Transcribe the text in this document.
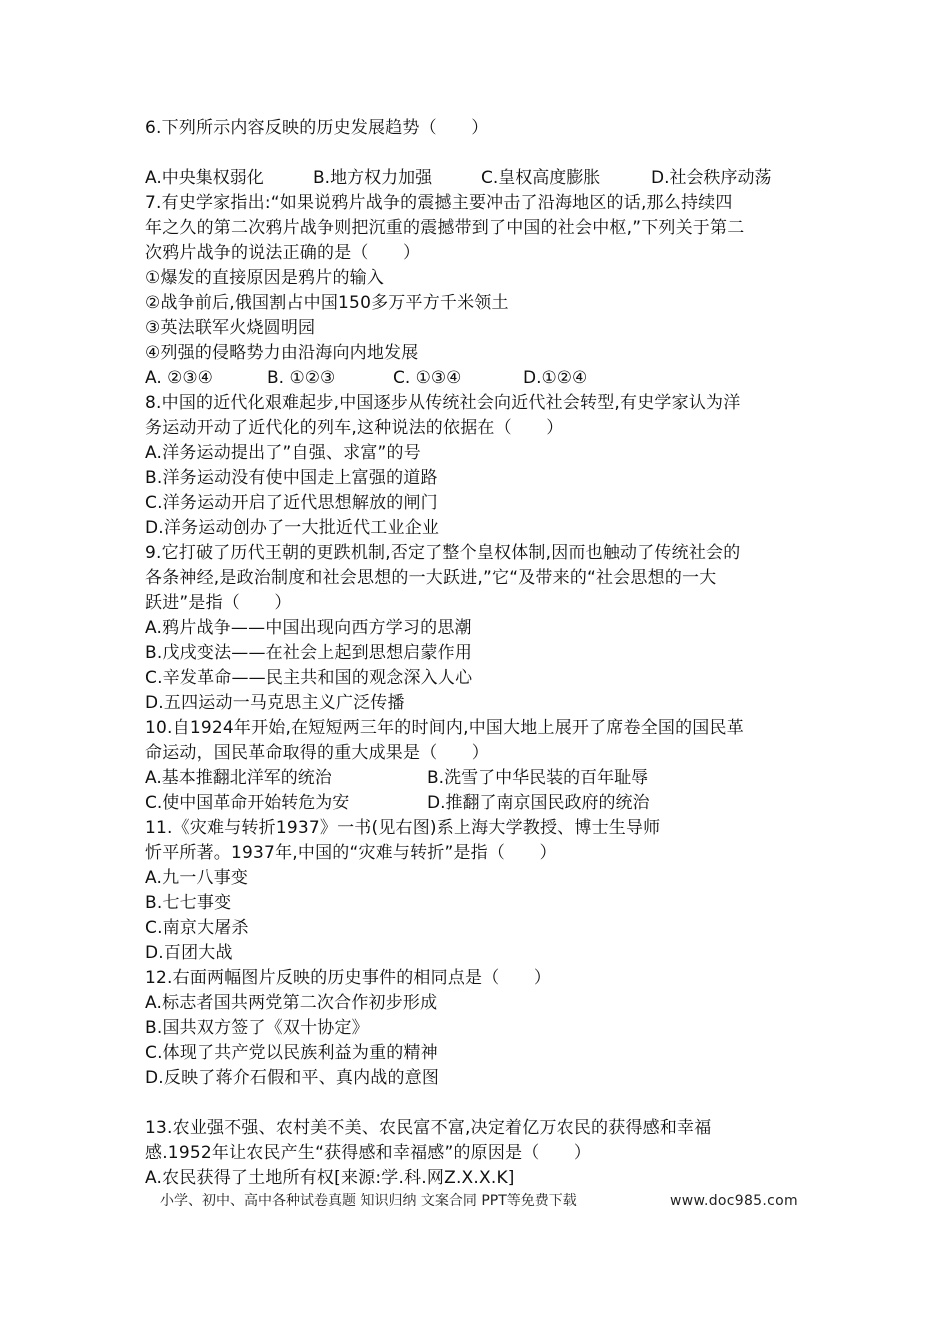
6.下列所示内容反映的历史发展趋势（　　）
A.中央集权弱化	B.地方权力加强	C.皇权高度膨胀	D.社会秩序动荡
7.有史学家指出:“如果说鸦片战争的震撼主要冲击了沿海地区的话,那么持续四
年之久的第二次鸦片战争则把沉重的震撼带到了中国的社会中枢,”下列关于第二
次鸦片战争的说法正确的是（　　）
①爆发的直接原因是鸦片的输入
②战争前后,俄国割占中国150多万平方千米领土
③英法联军火烧圆明园
④列强的侵略势力由沿海向内地发展
A. ②③④	B. ①②③	C. ①③④	D.①②④
8.中国的近代化艰难起步,中国逐步从传统社会向近代社会转型,有史学家认为洋
务运动开动了近代化的列车,这种说法的依据在（　　）
A.洋务运动提出了”自强、求富”的号
B.洋务运动没有使中国走上富强的道路
C.洋务运动开启了近代思想解放的闸门
D.洋务运动创办了一大批近代工业企业
9.它打破了历代王朝的更跌机制,否定了整个皇权体制,因而也触动了传统社会的
各条神经,是政治制度和社会思想的一大跃进,”它“及带来的“社会思想的一大
跃进”是指（　　）
A.鸦片战争——中国出现向西方学习的思潮
B.戊戌变法——在社会上起到思想启蒙作用
C.辛发革命——民主共和国的观念深入人心
D.五四运动一马克思主义广泛传播
10.自1924年开始,在短短两三年的时间内,中国大地上展开了席卷全国的国民革
命运动，国民革命取得的重大成果是（　　）
A.基本推翻北洋军的统治	B.洗雪了中华民装的百年耻辱
C.使中国革命开始转危为安	D.推翻了南京国民政府的统治
11.《灾难与转折1937》一书(见右图)系上海大学教授、博士生导师
忻平所著。1937年,中国的“灾难与转折”是指（　　）
A.九一八事变
B.七七事变
C.南京大屠杀
D.百团大战
12.右面两幅图片反映的历史事件的相同点是（　　）
A.标志者国共两党第二次合作初步形成
B.国共双方签了《双十协定》
C.体现了共产党以民族利益为重的精神
D.反映了蒋介石假和平、真内战的意图
13.农业强不强、农村美不美、农民富不富,决定着亿万农民的获得感和幸福
感.1952年让农民产生“获得感和幸福感”的原因是（　　）
A.农民获得了土地所有权[来源:学.科.网Z.X.X.K]
小学、初中、高中各种试卷真题 知识归纳 文案合同 PPT等免费下载	www.doc985.com
